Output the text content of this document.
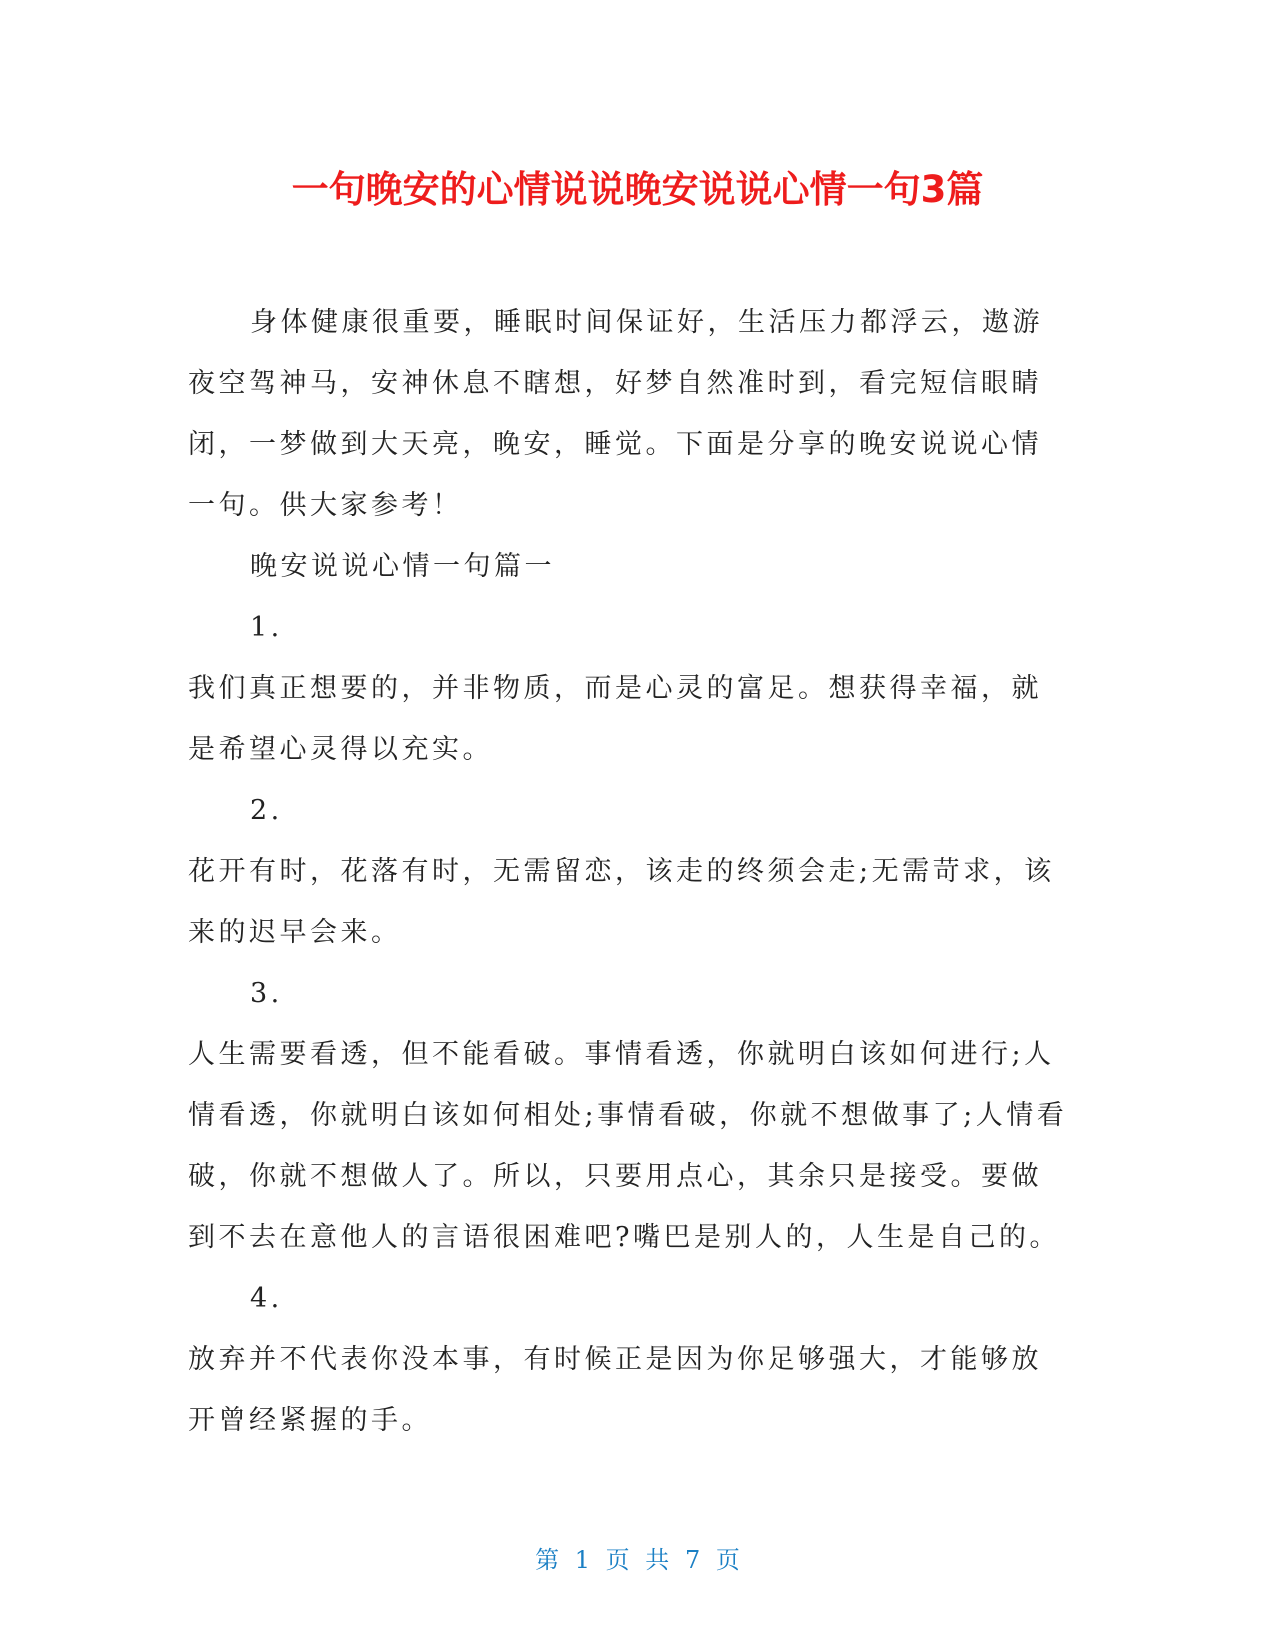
一句晚安的心情说说晚安说说心情一句3篇

身体健康很重要，睡眠时间保证好，生活压力都浮云，遨游夜空驾神马，安神休息不瞎想，好梦自然准时到，看完短信眼睛闭，一梦做到大天亮，晚安，睡觉。下面是分享的晚安说说心情一句。供大家参考！

晚安说说心情一句篇一

1.

我们真正想要的，并非物质，而是心灵的富足。想获得幸福，就是希望心灵得以充实。

2.

花开有时，花落有时，无需留恋，该走的终须会走;无需苛求，该来的迟早会来。

3.

人生需要看透，但不能看破。事情看透，你就明白该如何进行;人情看透，你就明白该如何相处;事情看破，你就不想做事了;人情看破，你就不想做人了。所以，只要用点心，其余只是接受。要做到不去在意他人的言语很困难吧?嘴巴是别人的，人生是自己的。

4.

放弃并不代表你没本事，有时候正是因为你足够强大，才能够放开曾经紧握的手。

第 1 页 共 7 页
